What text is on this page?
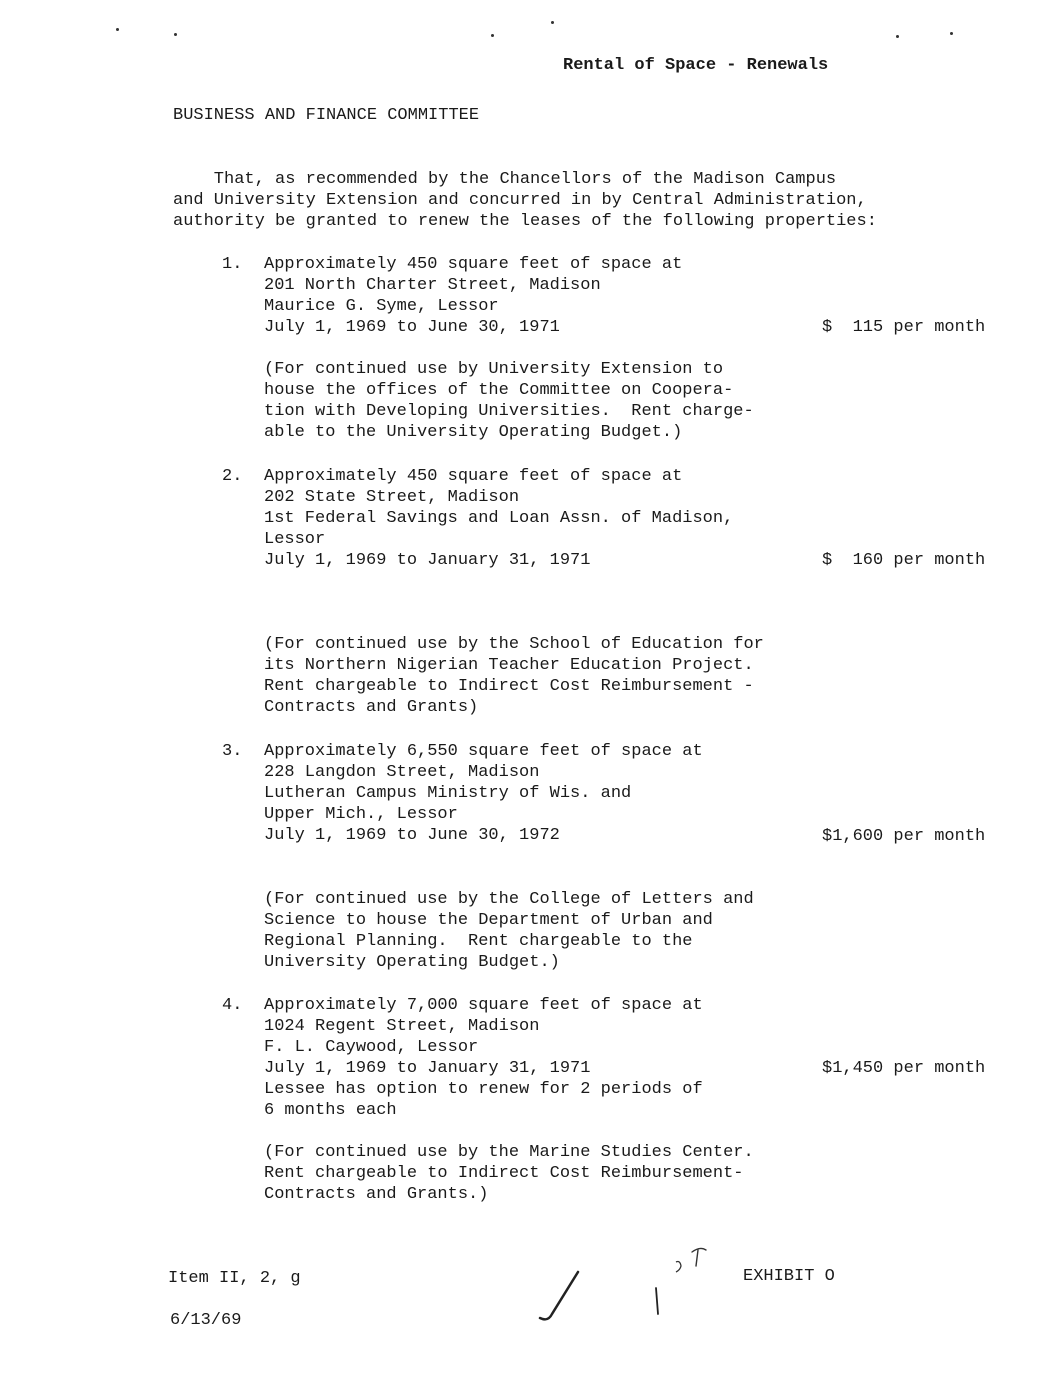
Rental of Space - Renewals
BUSINESS AND FINANCE COMMITTEE
That, as recommended by the Chancellors of the Madison Campus
and University Extension and concurred in by Central Administration,
authority be granted to renew the leases of the following properties:
1. Approximately 450 square feet of space at
201 North Charter Street, Madison
Maurice G. Syme, Lessor
July 1, 1969 to June 30, 1971	$  115 per month
(For continued use by University Extension to
house the offices of the Committee on Coopera-
tion with Developing Universities.  Rent charge-
able to the University Operating Budget.)
2. Approximately 450 square feet of space at
202 State Street, Madison
1st Federal Savings and Loan Assn. of Madison,
Lessor
July 1, 1969 to January 31, 1971	$  160 per month
(For continued use by the School of Education for
its Northern Nigerian Teacher Education Project.
Rent chargeable to Indirect Cost Reimbursement -
Contracts and Grants)
3. Approximately 6,550 square feet of space at
228 Langdon Street, Madison
Lutheran Campus Ministry of Wis. and
Upper Mich., Lessor
July 1, 1969 to June 30, 1972	$1,600 per month
(For continued use by the College of Letters and
Science to house the Department of Urban and
Regional Planning.  Rent chargeable to the
University Operating Budget.)
4. Approximately 7,000 square feet of space at
1024 Regent Street, Madison
F. L. Caywood, Lessor
July 1, 1969 to January 31, 1971
Lessee has option to renew for 2 periods of
6 months each
$1,450 per month
(For continued use by the Marine Studies Center.
Rent chargeable to Indirect Cost Reimbursement-
Contracts and Grants.)
Item II, 2, g
6/13/69
EXHIBIT O
